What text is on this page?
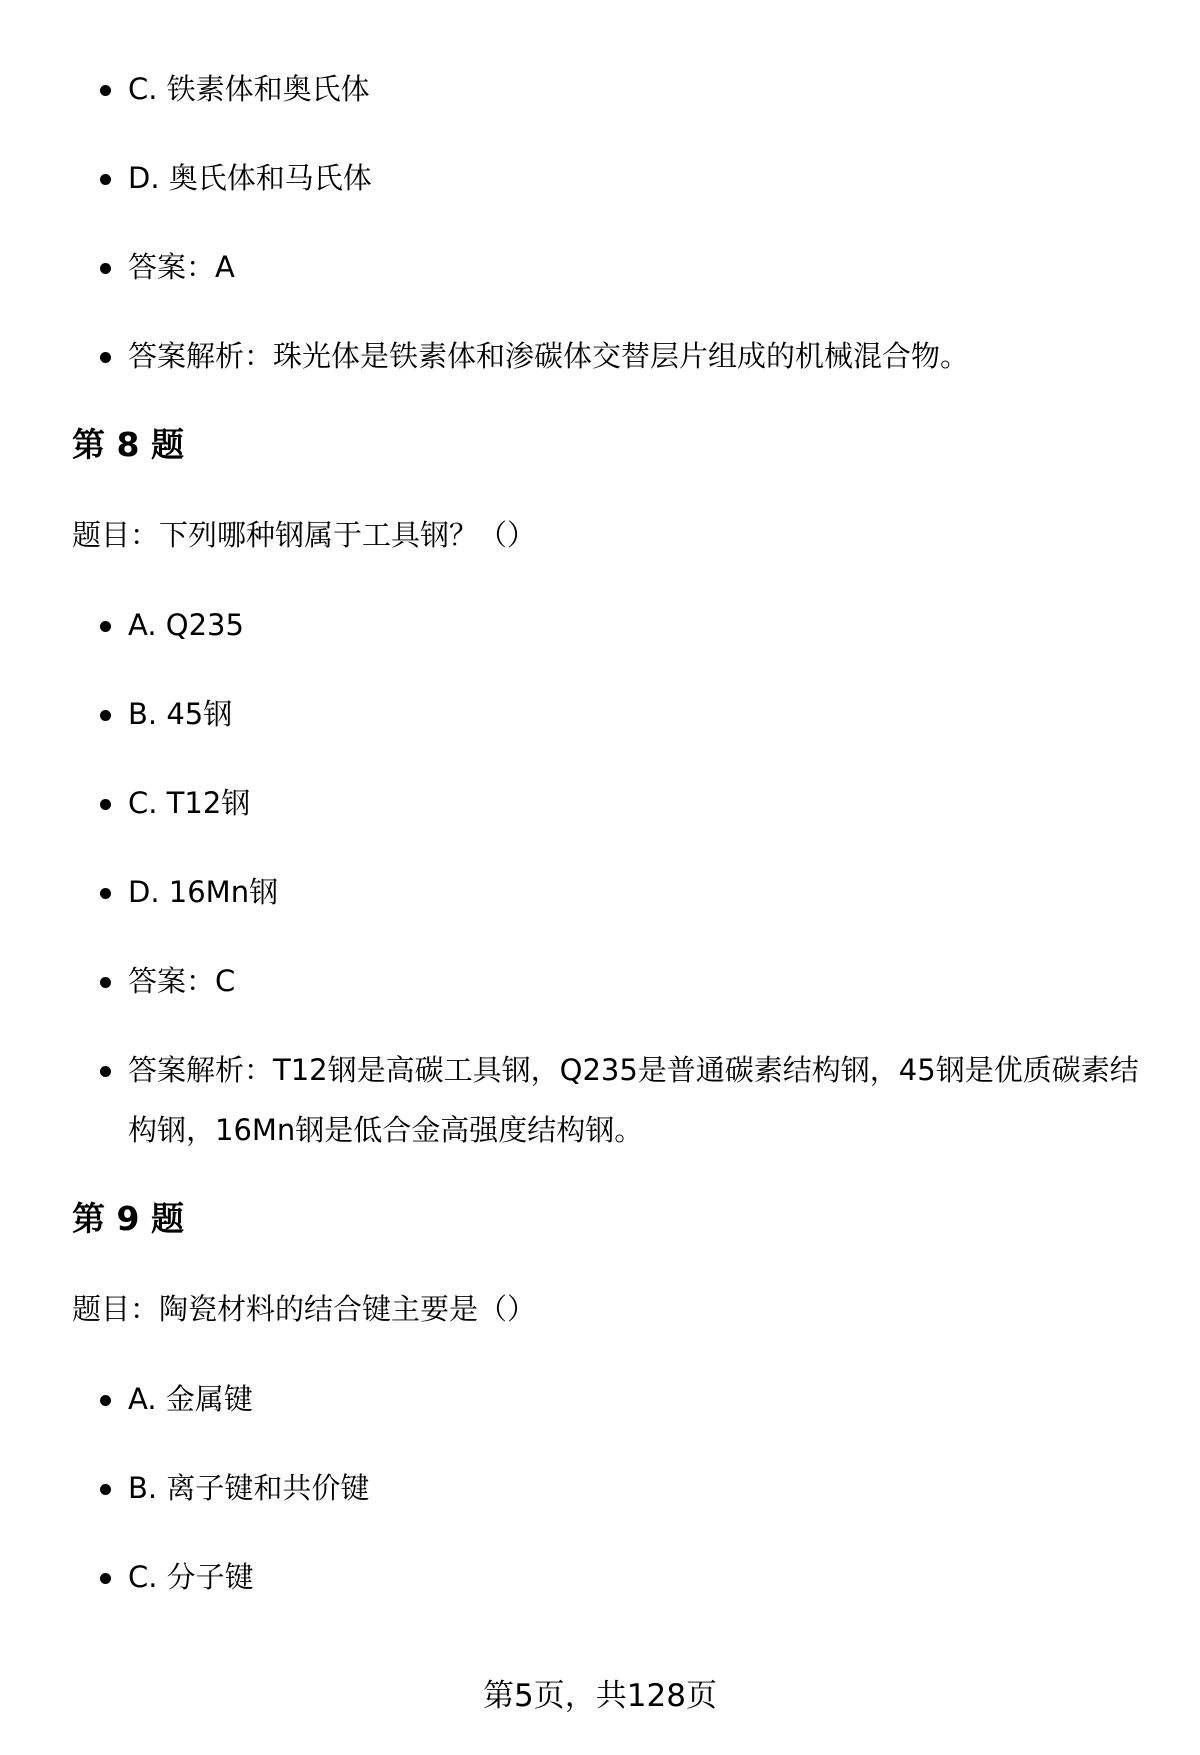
C. 铁素体和奥氏体
D. 奥氏体和马氏体
答案：A
答案解析：珠光体是铁素体和渗碳体交替层片组成的机械混合物。
第 8 题

题目：下列哪种钢属于工具钢？（）

A. Q235
B. 45钢
C. T12钢
D. 16Mn钢
答案：C
答案解析：T12钢是高碳工具钢，Q235是普通碳素结构钢，45钢是优质碳素结
构钢，16Mn钢是低合金高强度结构钢。
第 9 题

题目：陶瓷材料的结合键主要是（）

A. 金属键
B. 离子键和共价键
C. 分子键
第5页，共128页
